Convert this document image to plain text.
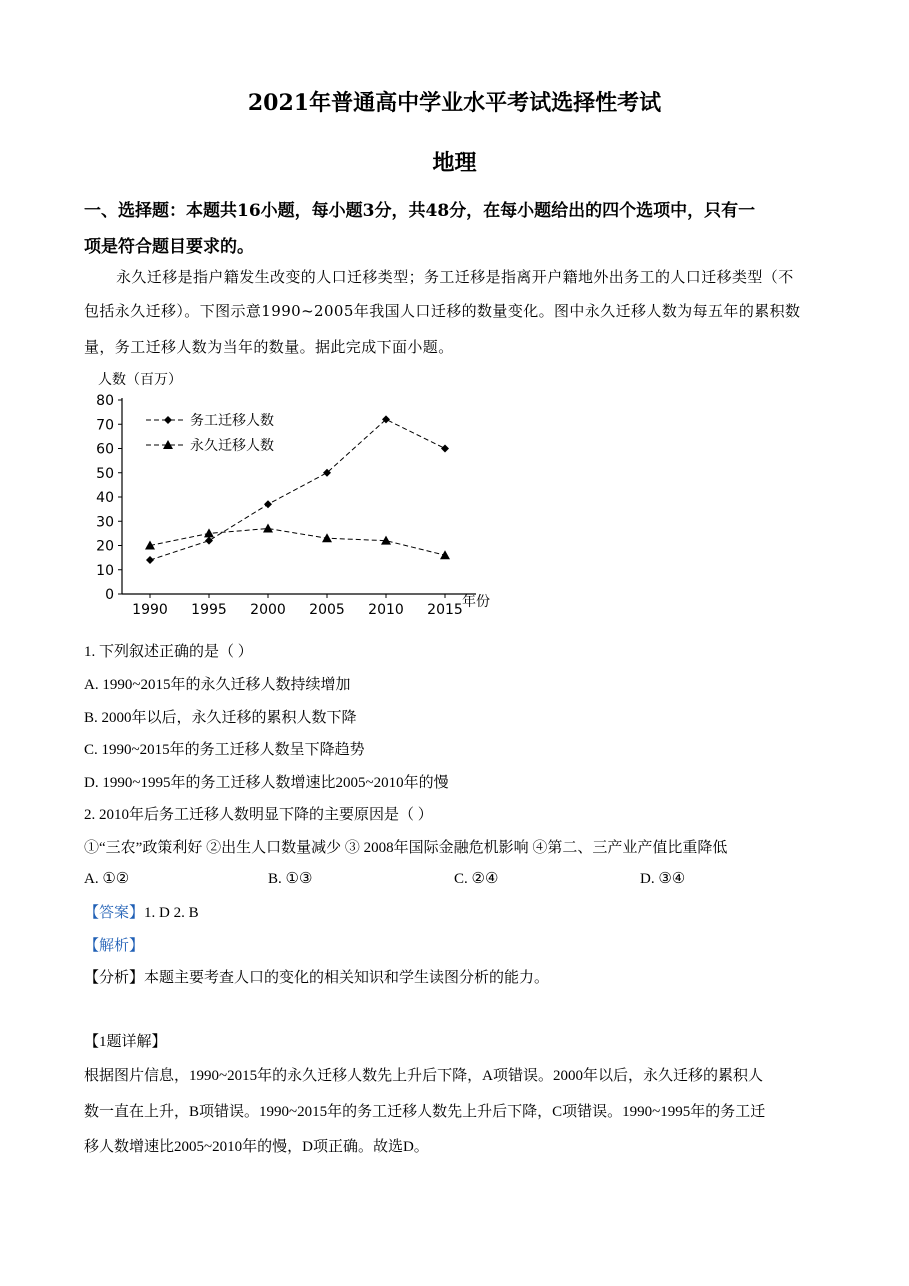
2021年普通高中学业水平考试选择性考试
地理
一、选择题：本题共16小题，每小题3分，共48分，在每小题给出的四个选项中，只有一
项是符合题目要求的。
永久迁移是指户籍发生改变的人口迁移类型；务工迁移是指离开户籍地外出务工的人口迁移类型（不
包括永久迁移）。下图示意1990~2005年我国人口迁移的数量变化。图中永久迁移人数为每五年的累积数
量，务工迁移人数为当年的数量。据此完成下面小题。
人数（百万）
0
10
20
30
40
50
60
70
80
1990 1995 2000 2005 2010 2015 年份
务工迁移人数
永久迁移人数
1. 下列叙述正确的是（ ）
A. 1990~2015年的永久迁移人数持续增加
B. 2000年以后，永久迁移的累积人数下降
C. 1990~2015年的务工迁移人数呈下降趋势
D. 1990~1995年的务工迁移人数增速比2005~2010年的慢
2. 2010年后务工迁移人数明显下降的主要原因是（ ）
①“三农”政策利好 ②出生人口数量减少 ③ 2008年国际金融危机影响 ④第二、三产业产值比重降低
A. ①②	B. ①③	C. ②④	D. ③④
【答案】1. D 2. B
【解析】
【分析】本题主要考查人口的变化的相关知识和学生读图分析的能力。
【1题详解】
根据图片信息，1990~2015年的永久迁移人数先上升后下降，A项错误。2000年以后，永久迁移的累积人
数一直在上升，B项错误。1990~2015年的务工迁移人数先上升后下降，C项错误。1990~1995年的务工迁
移人数增速比2005~2010年的慢，D项正确。故选D。
